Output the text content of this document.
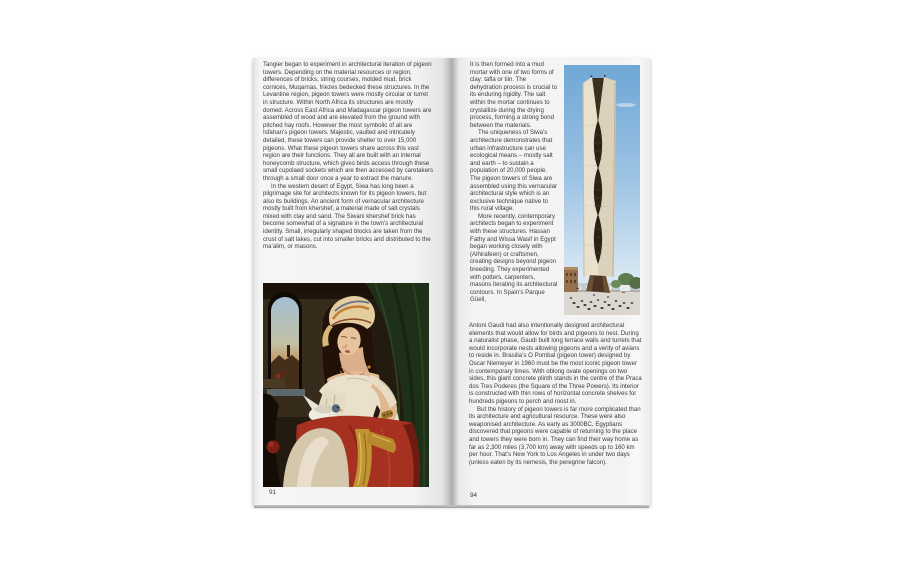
Tangier began to experiment in architectural iteration of pigeon towers. Depending on the material resources or region, differences of bricks, string courses, molded mud, brick cornices, Muqarnas, friezes bedecked these structures. In the Levantine region, pigeon towers were mostly circular or turret in structure. Within North Africa its structures are mostly domed. Across East Africa and Madagascar pigeon towers are assembled of wood and are elevated from the ground with pitched hay roofs. However the most symbolic of all are Isfahan’s pigeon towers. Majestic, vaulted and intricately detailed, these towers can provide shelter to over 15,000 pigeons. What these pigeon towers share across this vast region are their functions. They all are built with an internal honeycomb structure, which gives birds access through these small cupolaed sockets which are then accessed by caretakers through a small door once a year to extract the manure.

In the western desert of Egypt, Siwa has long been a pilgrimage site for architects known for its pigeon towers, but also its buildings. An ancient form of vernacular architecture mostly built from khershef, a material made of salt crystals mixed with clay and sand. The Siwani khershef brick has become somewhat of a signature in the town’s architectural identity. Small, irregularly shaped blocks are taken from the crust of salt lakes, cut into smaller bricks and distributed to the ma’alim, or masons.

91

It is then formed into a mud mortar with one of two forms of clay: tafla or tiin. The dehydration process is crucial to its enduring rigidity. The salt within the mortar continues to crystallize during the drying process, forming a strong bond between the materials.

The uniqueness of Siwa’s architecture demonstrates that urban infrastructure can use ecological means – mostly salt and earth – to sustain a population of 20,000 people. The pigeon towers of Siwa are assembled using this vernacular architectural style which is an exclusive technique native to this rural village.

More recently, contemporary architects began to experiment with these structures. Hassan Fathy and Wissa Wasif in Egypt began working closely with (Alhirafeen) or craftsmen, creating designs beyond pigeon breeding. They experimented with potters, carpenters, masons iterating its architectural contours. In Spain’s Parque Güell,

Antoni Gaudi had also intentionally designed architectural elements that would allow for birds and pigeons to nest. During a naturalist phase, Gaudi built long terrace walls and turrets that would incorporate nests allowing pigeons and a verity of avians to reside in. Brasilia’s O Pombal (pigeon tower) designed by Oscar Niemeyer in 1960 must be the most iconic pigeon tower in contemporary times. With oblong ovate openings on two sides, this giant concrete plinth stands in the centre of the Praca dos Tres Poderes (the Square of the Three Powers). Its interior is constructed with thin rows of horizontal concrete shelves for hundreds pigeons to perch and roost in.

But the history of pigeon towers is far more complicated than its architecture and agricultural resource. These were also weaponised architecture. As early as 3000BC, Egyptians discovered that pigeons were capable of returning to the place and towers they were born in. They can find their way home as far as 2,300 miles (3,700 km) away with speeds up to 160 km per hour. That’s New York to Los Angeles in under two days (unless eaten by its nemesis, the peregrine falcon).

94
